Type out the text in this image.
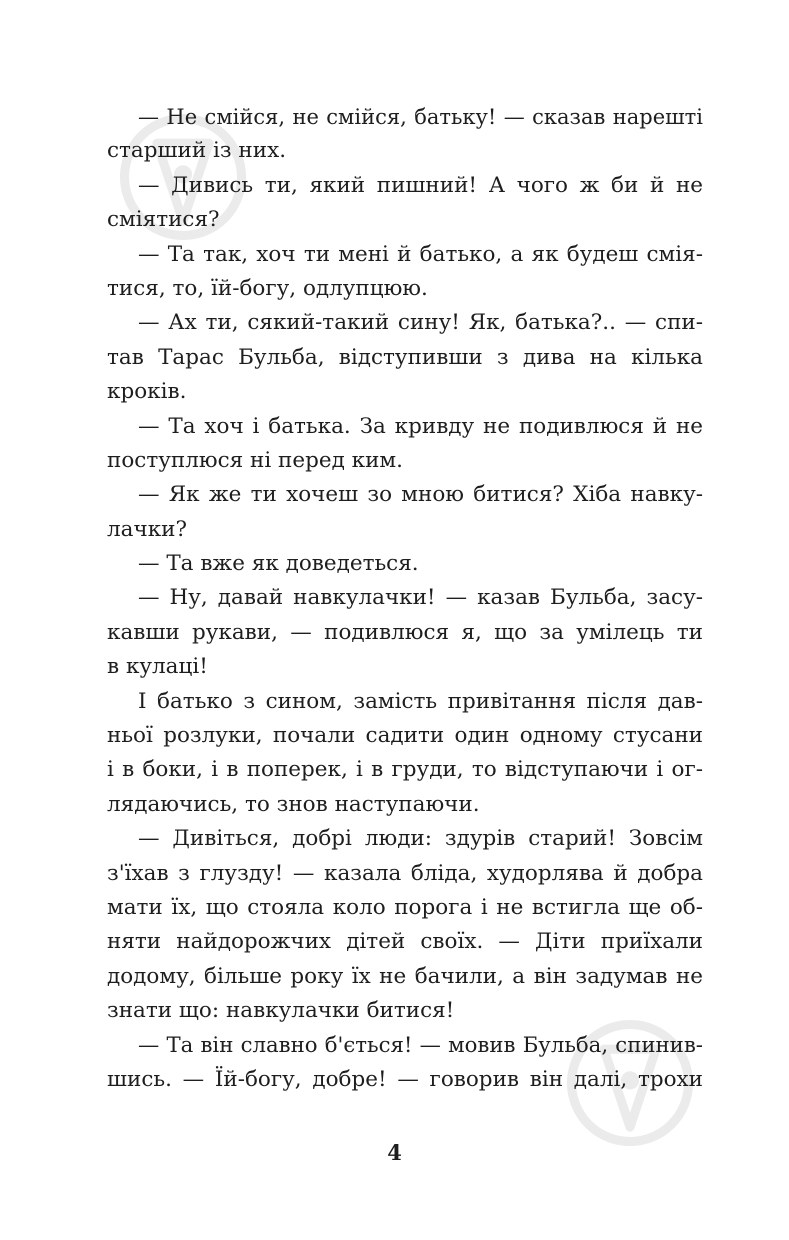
— Не смійся, не смійся, батьку! — сказав нарешті
старший із них.
— Дивись ти, який пишний! А чого ж би й не
сміятися?
— Та так, хоч ти мені й батько, а як будеш смія-
тися, то, їй-богу, одлупцюю.
— Ах ти, сякий-такий сину! Як, батька?.. — спи-
тав Тарас Бульба, відступивши з дива на кілька
кроків.
— Та хоч і батька. За кривду не подивлюся й не
поступлюся ні перед ким.
— Як же ти хочеш зо мною битися? Хіба навку-
лачки?
— Та вже як доведеться.
— Ну, давай навкулачки! — казав Бульба, засу-
кавши рукави, — подивлюся я, що за умілець ти
в кулаці!
І батько з сином, замість привітання після дав-
ньої розлуки, почали садити один одному стусани
і в боки, і в поперек, і в груди, то відступаючи і ог-
лядаючись, то знов наступаючи.
— Дивіться, добрі люди: здурів старий! Зовсім
з'їхав з глузду! — казала бліда, худорлява й добра
мати їх, що стояла коло порога і не встигла ще об-
няти найдорожчих дітей своїх. — Діти приїхали
додому, більше року їх не бачили, а він задумав не
знати що: навкулачки битися!
— Та він славно б'ється! — мовив Бульба, спинив-
шись. — Їй-богу, добре! — говорив він далі, трохи
4
